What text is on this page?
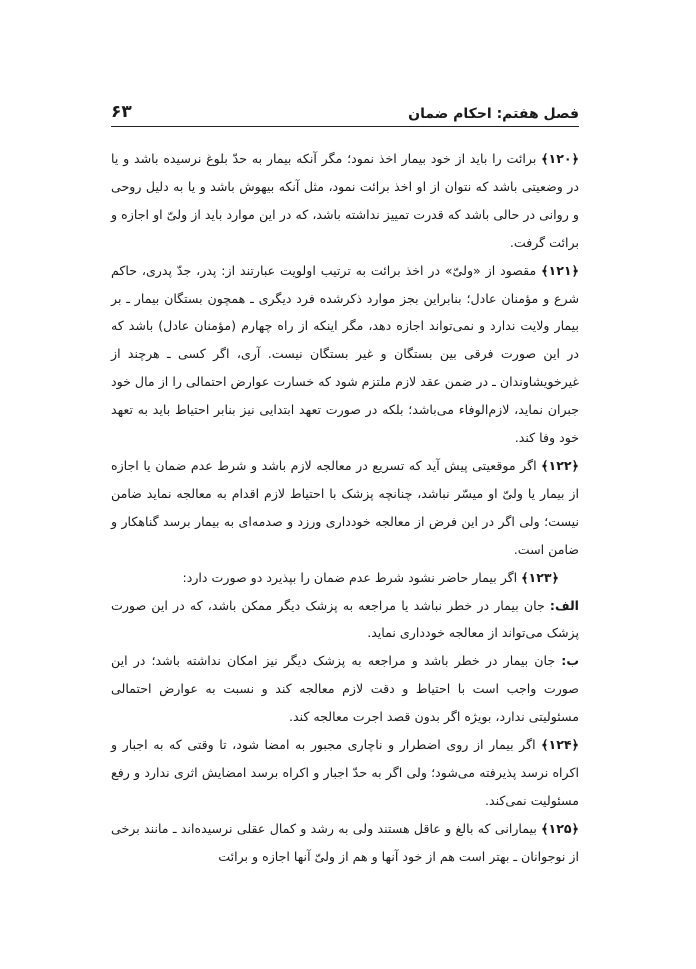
فصل هفتم: احکام ضمان
۶۳

﴿۱۲۰﴾ برائت را باید از خود بیمار اخذ نمود؛ مگر آنکه بیمار به حدّ بلوغ نرسیده باشد و یا در وضعیتی باشد که نتوان از او اخذ برائت نمود، مثل آنکه بیهوش باشد و یا به دلیل روحی و روانی در حالی باشد که قدرت تمییز نداشته باشد، که در این موارد باید از ولیّ او اجازه و برائت گرفت.

﴿۱۲۱﴾ مقصود از «ولیّ» در اخذ برائت به ترتیب اولویت عبارتند از: پدر، جدّ پدری، حاکم شرع و مؤمنان عادل؛ بنابراین بجز موارد ذکرشده فرد دیگری ـ همچون بستگان بیمار ـ بر بیمار ولایت ندارد و نمی‌تواند اجازه دهد، مگر اینکه از راه چهارم (مؤمنان عادل) باشد که در این صورت فرقی بین بستگان و غیر بستگان نیست. آری، اگر کسی ـ هرچند از غیرخویشاوندان ـ در ضمن عقد لازم ملتزم شود که خسارت عوارض احتمالی را از مال خود جبران نماید، لازم‌الوفاء می‌باشد؛ بلکه در صورت تعهد ابتدایی نیز بنابر احتیاط باید به تعهد خود وفا کند.

﴿۱۲۲﴾ اگر موقعیتی پیش آید که تسریع در معالجه لازم باشد و شرط عدم ضمان یا اجازه از بیمار یا ولیّ او میسّر نباشد، چنانچه پزشک با احتیاط لازم اقدام به معالجه نماید ضامن نیست؛ ولی اگر در این فرض از معالجه خودداری ورزد و صدمه‌ای به بیمار برسد گناهکار و ضامن است.

﴿۱۲۳﴾ اگر بیمار حاضر نشود شرط عدم ضمان را بپذیرد دو صورت دارد:

الف: جان بیمار در خطر نباشد یا مراجعه به پزشک دیگر ممکن باشد، که در این صورت پزشک می‌تواند از معالجه خودداری نماید.

ب: جان بیمار در خطر باشد و مراجعه به پزشک دیگر نیز امکان نداشته باشد؛ در این صورت واجب است با احتیاط و دقت لازم معالجه کند و نسبت به عوارض احتمالی مسئولیتی ندارد، بویژه اگر بدون قصد اجرت معالجه کند.

﴿۱۲۴﴾ اگر بیمار از روی اضطرار و ناچاری مجبور به امضا شود، تا وقتی که به اجبار و اکراه نرسد پذیرفته می‌شود؛ ولی اگر به حدّ اجبار و اکراه برسد امضایش اثری ندارد و رفع مسئولیت نمی‌کند.

﴿۱۲۵﴾ بیمارانی که بالغ و عاقل هستند ولی به رشد و کمال عقلی نرسیده‌اند ـ مانند برخی از نوجوانان ـ بهتر است هم از خود آنها و هم از ولیّ آنها اجازه و برائت
